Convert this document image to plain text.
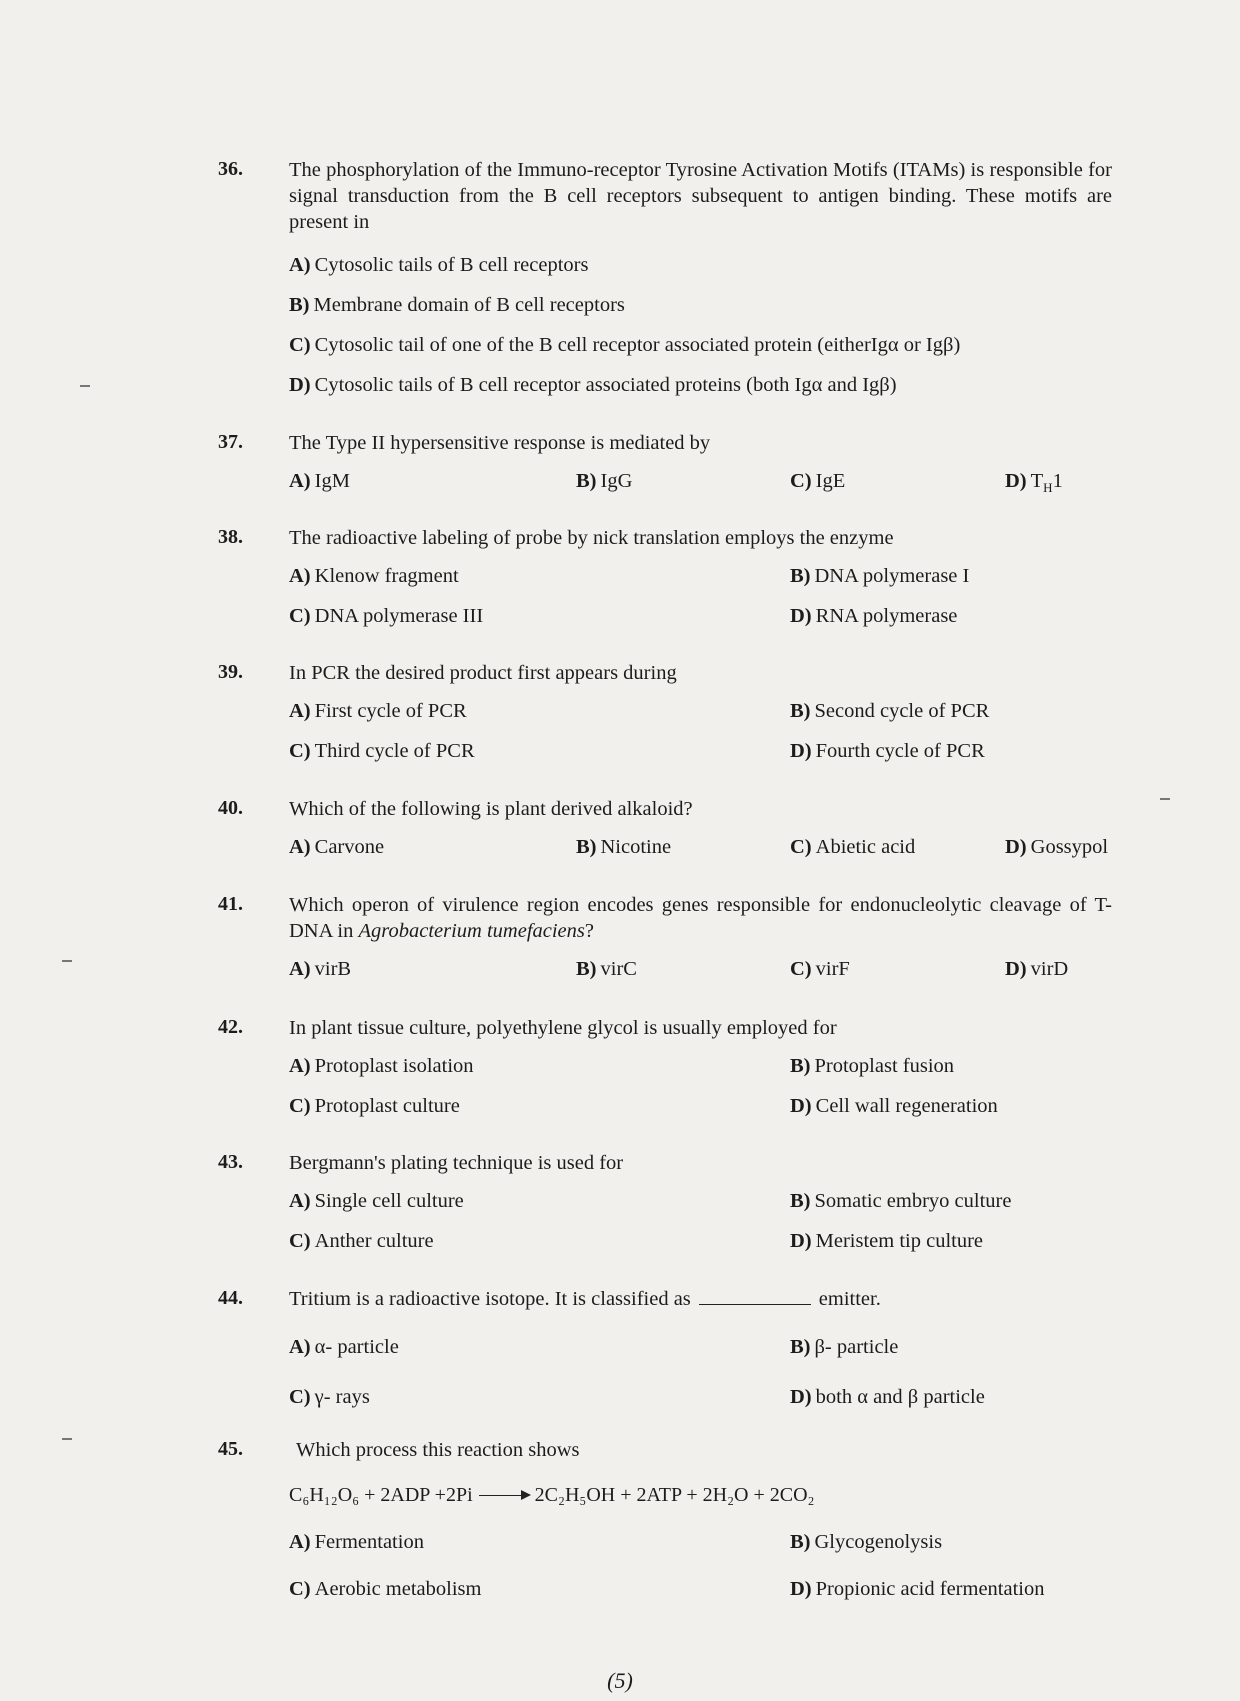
36. The phosphorylation of the Immuno-receptor Tyrosine Activation Motifs (ITAMs) is responsible for signal transduction from the B cell receptors subsequent to antigen binding. These motifs are present in
A) Cytosolic tails of B cell receptors
B) Membrane domain of B cell receptors
C) Cytosolic tail of one of the B cell receptor associated protein (eitherIgα or Igβ)
D) Cytosolic tails of B cell receptor associated proteins (both Igα and Igβ)
37. The Type II hypersensitive response is mediated by
A) IgM	B) IgG	C) IgE	D) $T_H1$
38. The radioactive labeling of probe by nick translation employs the enzyme
A) Klenow fragment	B) DNA polymerase I
C) DNA polymerase III	D) RNA polymerase
39. In PCR the desired product first appears during
A) First cycle of PCR	B) Second cycle of PCR
C) Third cycle of PCR	D) Fourth cycle of PCR
40. Which of the following is plant derived alkaloid?
A) Carvone	B) Nicotine	C) Abietic acid	D) Gossypol
41. Which operon of virulence region encodes genes responsible for endonucleolytic cleavage of T-DNA in Agrobacterium tumefaciens?
A) virB	B) virC	C) virF	D) virD
42. In plant tissue culture, polyethylene glycol is usually employed for
A) Protoplast isolation	B) Protoplast fusion
C) Protoplast culture	D) Cell wall regeneration
43. Bergmann's plating technique is used for
A) Single cell culture	B) Somatic embryo culture
C) Anther culture	D) Meristem tip culture
44. Tritium is a radioactive isotope. It is classified as	emitter.
A) α- particle	B) β- particle
C) γ- rays	D) both α and β particle
45.	Which process this reaction shows
C₆H₁₂O₆ + 2ADP +2Pi → 2C₂H₅OH + 2ATP + 2H₂O + 2CO₂
A) Fermentation	B) Glycogenolysis
C) Aerobic metabolism	D) Propionic acid fermentation
(5)
